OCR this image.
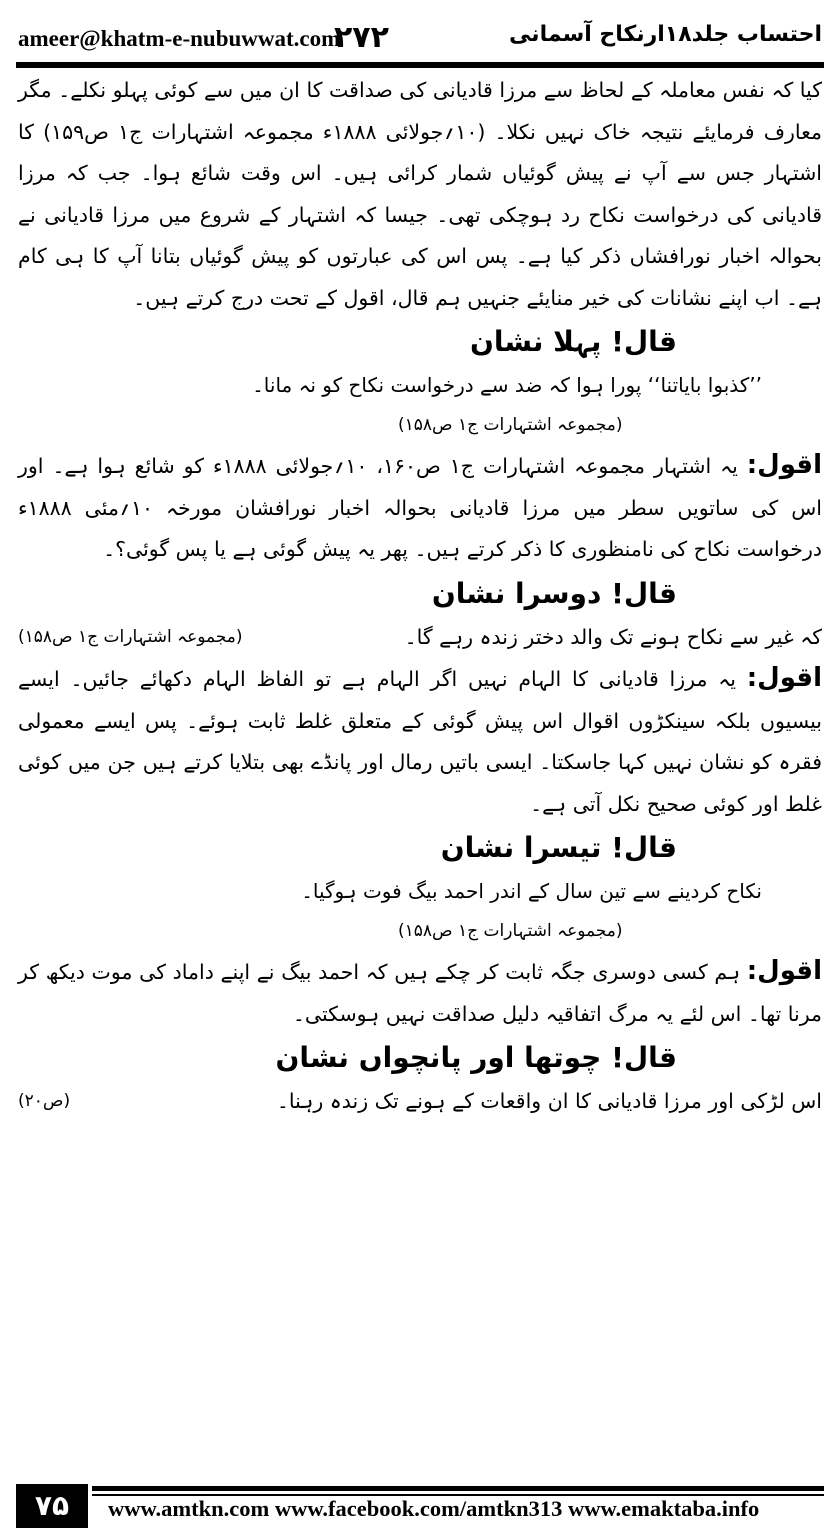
ameer@khatm-e-nubuwwat.com
۲۷۲	احتساب جلد۱۸ارنکاح آسمانی

کیا کہ نفس معاملہ کے لحاظ سے مرزا قادیانی کی صداقت کا ان میں سے کوئی پہلو نکلے۔ مگر معارف فرمایئے نتیجہ خاک نہیں نکلا۔ (۱۰؍جولائی ۱۸۸۸ء مجموعہ اشتہارات ج۱ ص۱۵۹) کا اشتہار جس سے آپ نے پیش گوئیاں شمار کرائی ہیں۔ اس وقت شائع ہوا۔ جب کہ مرزا قادیانی کی درخواست نکاح رد ہوچکی تھی۔ جیسا کہ اشتہار کے شروع میں مرزا قادیانی نے بحوالہ اخبار نورافشاں ذکر کیا ہے۔ پس اس کی عبارتوں کو پیش گوئیاں بتانا آپ کا ہی کام ہے۔ اب اپنے نشانات کی خیر منایئے جنہیں ہم قال، اقول کے تحت درج کرتے ہیں۔

قال! پہلا نشان

’’کذبوا بایاتنا‘‘ پورا ہوا کہ ضد سے درخواست نکاح کو نہ مانا۔

(مجموعہ اشتہارات ج۱ ص۱۵۸)

اقول: یہ اشتہار مجموعہ اشتہارات ج۱ ص۱۶۰، ۱۰؍جولائی ۱۸۸۸ء کو شائع ہوا ہے۔ اور اس کی ساتویں سطر میں مرزا قادیانی بحوالہ اخبار نورافشان مورخہ ۱۰؍مئی ۱۸۸۸ء درخواست نکاح کی نامنظوری کا ذکر کرتے ہیں۔ پھر یہ پیش گوئی ہے یا پس گوئی؟۔

قال! دوسرا نشان

کہ غیر سے نکاح ہونے تک والد دختر زندہ رہے گا۔
(مجموعہ اشتہارات ج۱ ص۱۵۸)

اقول: یہ مرزا قادیانی کا الہام نہیں اگر الہام ہے تو الفاظ الہام دکھائے جائیں۔ ایسے بیسیوں بلکہ سینکڑوں اقوال اس پیش گوئی کے متعلق غلط ثابت ہوئے۔ پس ایسے معمولی فقرہ کو نشان نہیں کہا جاسکتا۔ ایسی باتیں رمال اور پانڈے بھی بتلایا کرتے ہیں جن میں کوئی غلط اور کوئی صحیح نکل آتی ہے۔

قال! تیسرا نشان

نکاح کردینے سے تین سال کے اندر احمد بیگ فوت ہوگیا۔

(مجموعہ اشتہارات ج۱ ص۱۵۸)

اقول: ہم کسی دوسری جگہ ثابت کر چکے ہیں کہ احمد بیگ نے اپنے داماد کی موت دیکھ کر مرنا تھا۔ اس لئے یہ مرگ اتفاقیہ دلیل صداقت نہیں ہوسکتی۔

قال! چوتھا اور پانچواں نشان

اس لڑکی اور مرزا قادیانی کا ان واقعات کے ہونے تک زندہ رہنا۔
(ص۲۰)

۷۵	www.amtkn.com www.facebook.com/amtkn313 www.emaktaba.info
